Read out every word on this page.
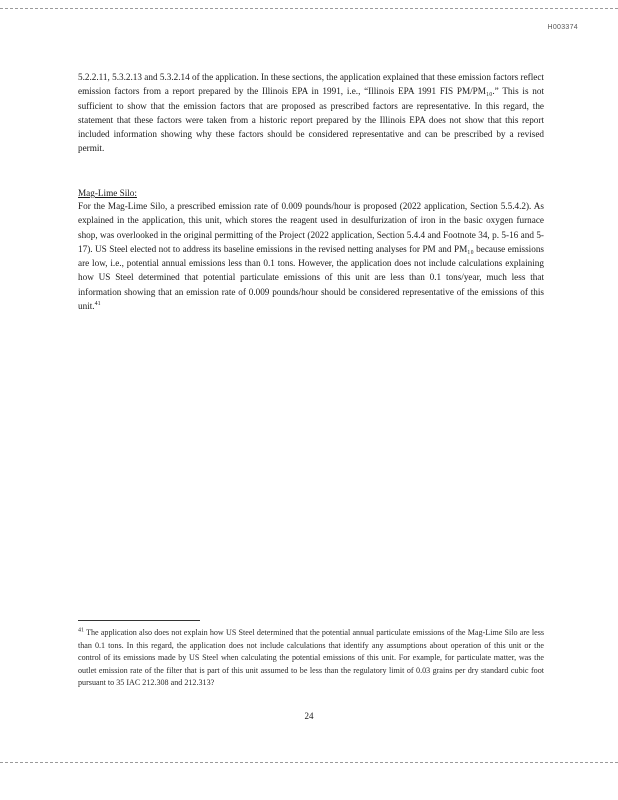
H003374

5.2.2.11, 5.3.2.13 and 5.3.2.14 of the application. In these sections, the application explained that these emission factors reflect emission factors from a report prepared by the Illinois EPA in 1991, i.e., “Illinois EPA 1991 FIS PM/PM₁₀.” This is not sufficient to show that the emission factors that are proposed as prescribed factors are representative. In this regard, the statement that these factors were taken from a historic report prepared by the Illinois EPA does not show that this report included information showing why these factors should be considered representative and can be prescribed by a revised permit.

Mag-Lime Silo:

For the Mag-Lime Silo, a prescribed emission rate of 0.009 pounds/hour is proposed (2022 application, Section 5.5.4.2). As explained in the application, this unit, which stores the reagent used in desulfurization of iron in the basic oxygen furnace shop, was overlooked in the original permitting of the Project (2022 application, Section 5.4.4 and Footnote 34, p. 5-16 and 5-17). US Steel elected not to address its baseline emissions in the revised netting analyses for PM and PM₁₀ because emissions are low, i.e., potential annual emissions less than 0.1 tons. However, the application does not include calculations explaining how US Steel determined that potential particulate emissions of this unit are less than 0.1 tons/year, much less that information showing that an emission rate of 0.009 pounds/hour should be considered representative of the emissions of this unit.$^{41}$

$^{41}$ The application also does not explain how US Steel determined that the potential annual particulate emissions of the Mag-Lime Silo are less than 0.1 tons. In this regard, the application does not include calculations that identify any assumptions about operation of this unit or the control of its emissions made by US Steel when calculating the potential emissions of this unit. For example, for particulate matter, was the outlet emission rate of the filter that is part of this unit assumed to be less than the regulatory limit of 0.03 grains per dry standard cubic foot pursuant to 35 IAC 212.308 and 212.313?

24
